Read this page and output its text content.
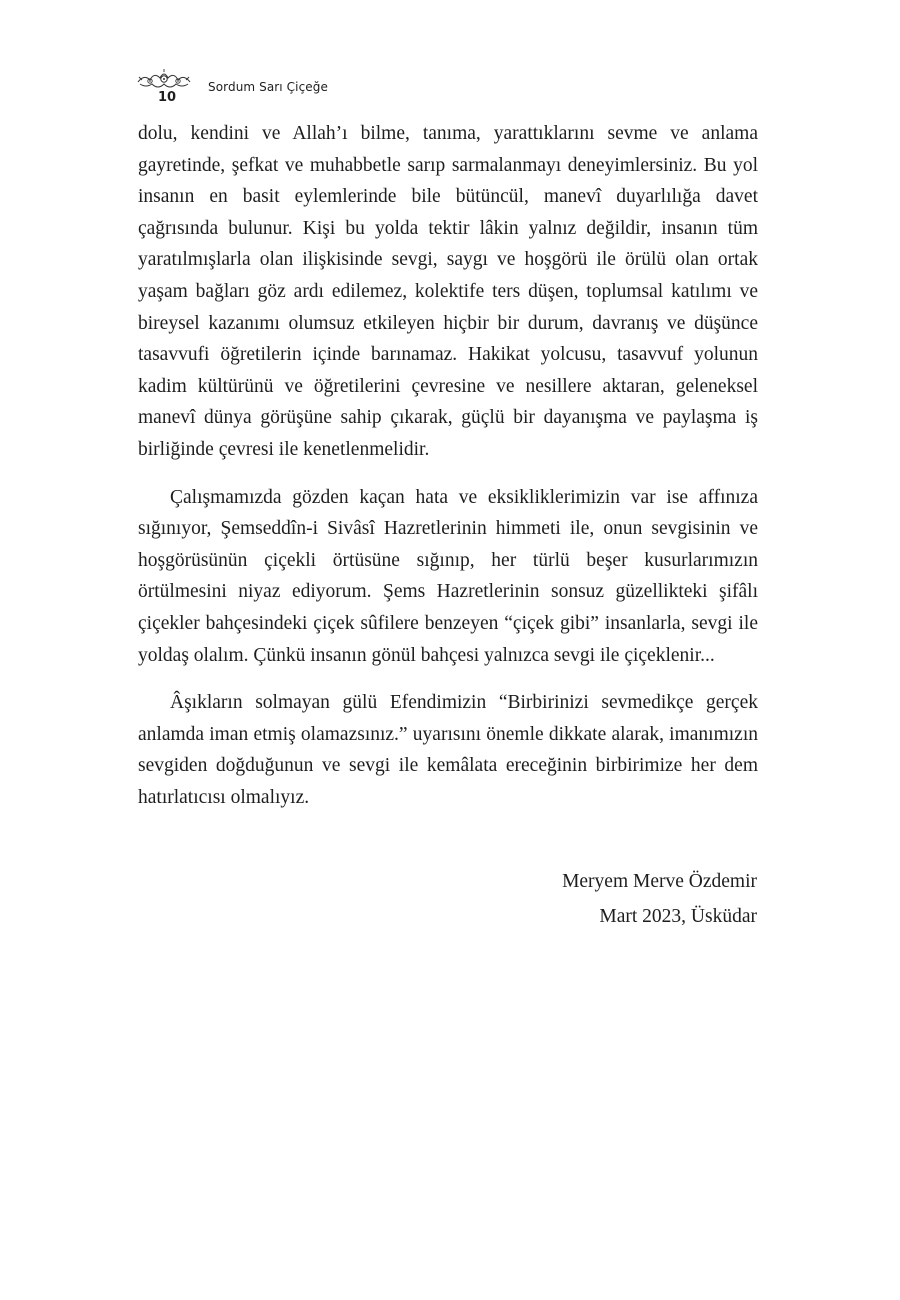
10
Sordum Sarı Çiçeğe

dolu, kendini ve Allah’ı bilme, tanıma, yarattıklarını sevme ve anlama gayretinde, şefkat ve muhabbetle sarıp sarmalanmayı deneyimlersiniz. Bu yol insanın en basit eylemlerinde bile bütüncül, manevî duyarlılığa davet çağrısında bulunur. Kişi bu yolda tektir lâkin yalnız değildir, insanın tüm yaratılmışlarla olan ilişkisinde sevgi, saygı ve hoşgörü ile örülü olan ortak yaşam bağları göz ardı edilemez, kolektife ters düşen, toplumsal katılımı ve bireysel kazanımı olumsuz etkileyen hiçbir bir durum, davranış ve düşünce tasavvufi öğretilerin içinde barınamaz. Hakikat yolcusu, tasavvuf yolunun kadim kültürünü ve öğretilerini çevresine ve nesillere aktaran, geleneksel manevî dünya görüşüne sahip çıkarak, güçlü bir dayanışma ve paylaşma iş birliğinde çevresi ile kenetlenmelidir.

Çalışmamızda gözden kaçan hata ve eksikliklerimizin var ise affınıza sığınıyor, Şemseddîn-i Sivâsî Hazretlerinin himmeti ile, onun sevgisinin ve hoşgörüsünün çiçekli örtüsüne sığınıp, her türlü beşer kusurlarımızın örtülmesini niyaz ediyorum. Şems Hazretlerinin sonsuz güzellikteki şifâlı çiçekler bahçesindeki çiçek sûfilere benzeyen “çiçek gibi” insanlarla, sevgi ile yoldaş olalım. Çünkü insanın gönül bahçesi yalnızca sevgi ile çiçeklenir...

Âşıkların solmayan gülü Efendimizin “Birbirinizi sevmedikçe gerçek anlamda iman etmiş olamazsınız.” uyarısını önemle dikkate alarak, imanımızın sevgiden doğduğunun ve sevgi ile kemâlata ereceğinin birbirimize her dem hatırlatıcısı olmalıyız.

Meryem Merve Özdemir
Mart 2023, Üsküdar
